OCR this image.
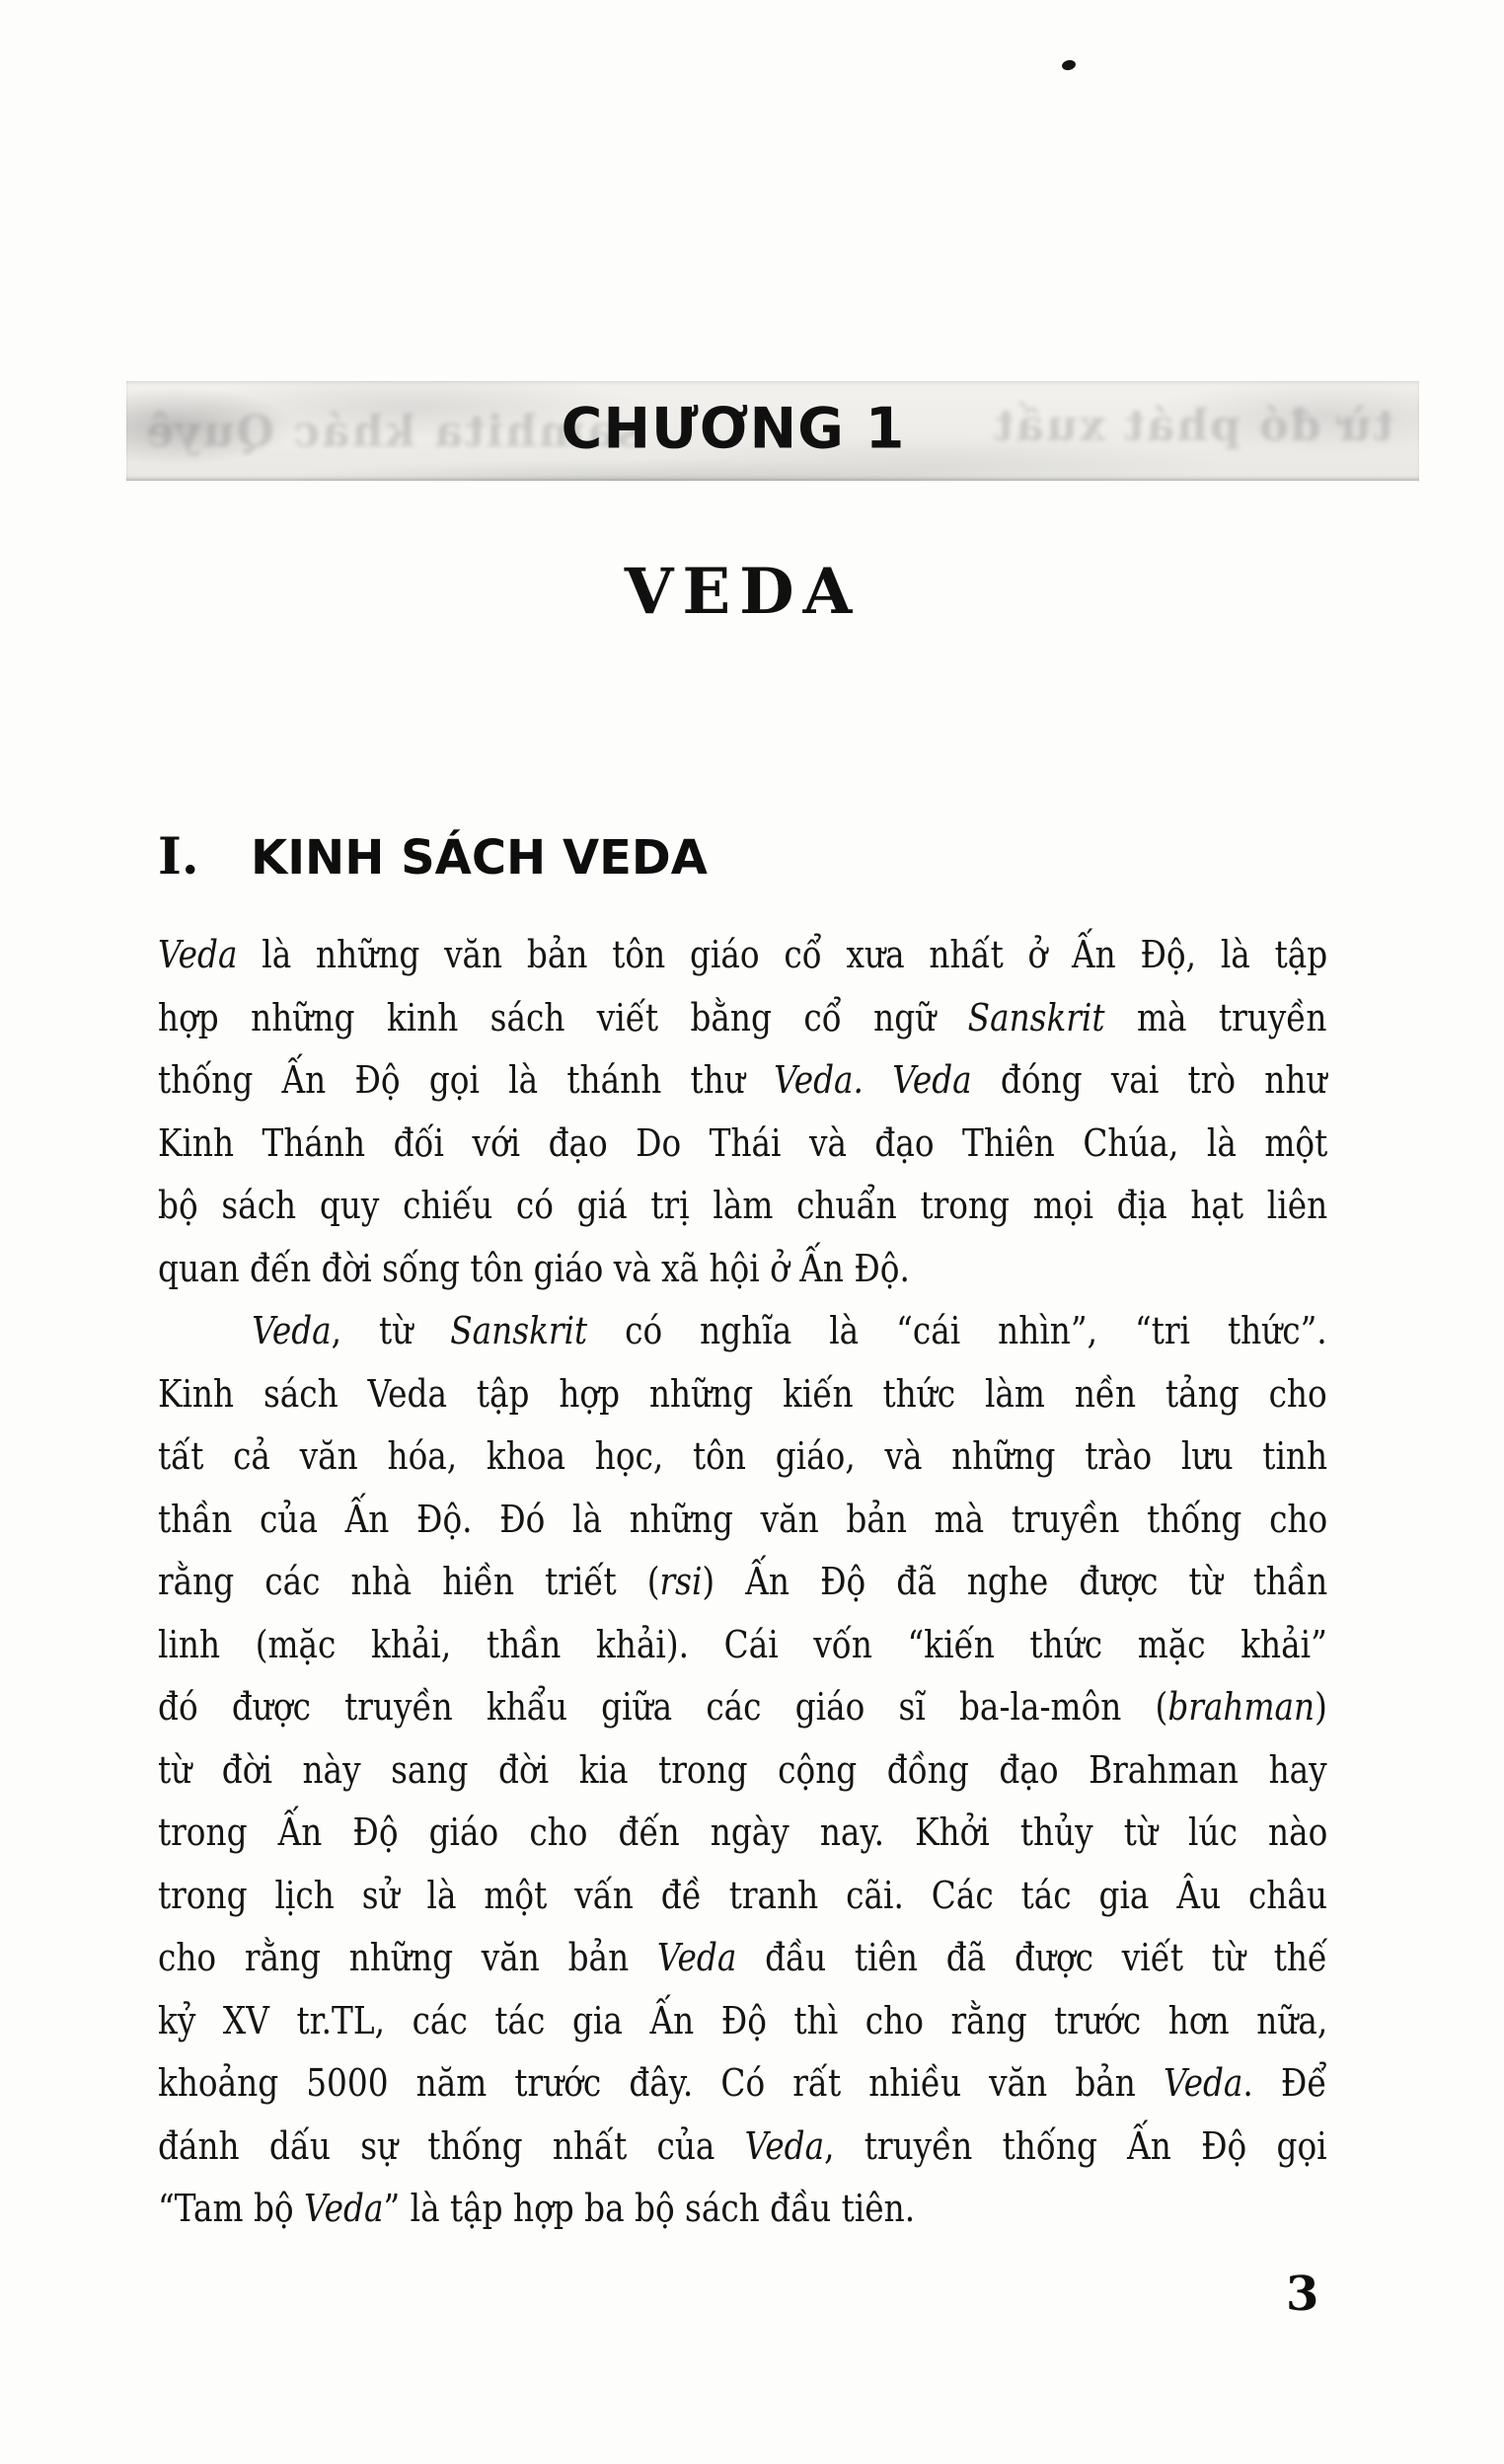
samhita khác Quyê	từ đó phát xuất
CHƯƠNG 1
VEDA
I. KINH SÁCH VEDA
Veda là những văn bản tôn giáo cổ xưa nhất ở Ấn Độ, là tập
hợp những kinh sách viết bằng cổ ngữ Sanskrit mà truyền
thống Ấn Độ gọi là thánh thư Veda. Veda đóng vai trò như
Kinh Thánh đối với đạo Do Thái và đạo Thiên Chúa, là một
bộ sách quy chiếu có giá trị làm chuẩn trong mọi địa hạt liên
quan đến đời sống tôn giáo và xã hội ở Ấn Độ.
Veda, từ Sanskrit có nghĩa là “cái nhìn”, “tri thức”.
Kinh sách Veda tập hợp những kiến thức làm nền tảng cho
tất cả văn hóa, khoa học, tôn giáo, và những trào lưu tinh
thần của Ấn Độ. Đó là những văn bản mà truyền thống cho
rằng các nhà hiền triết (rsi) Ấn Độ đã nghe được từ thần
linh (mặc khải, thần khải). Cái vốn “kiến thức mặc khải”
đó được truyền khẩu giữa các giáo sĩ ba-la-môn (brahman)
từ đời này sang đời kia trong cộng đồng đạo Brahman hay
trong Ấn Độ giáo cho đến ngày nay. Khởi thủy từ lúc nào
trong lịch sử là một vấn đề tranh cãi. Các tác gia Âu châu
cho rằng những văn bản Veda đầu tiên đã được viết từ thế
kỷ XV tr.TL, các tác gia Ấn Độ thì cho rằng trước hơn nữa,
khoảng 5000 năm trước đây. Có rất nhiều văn bản Veda. Để
đánh dấu sự thống nhất của Veda, truyền thống Ấn Độ gọi
“Tam bộ Veda” là tập hợp ba bộ sách đầu tiên.
3
